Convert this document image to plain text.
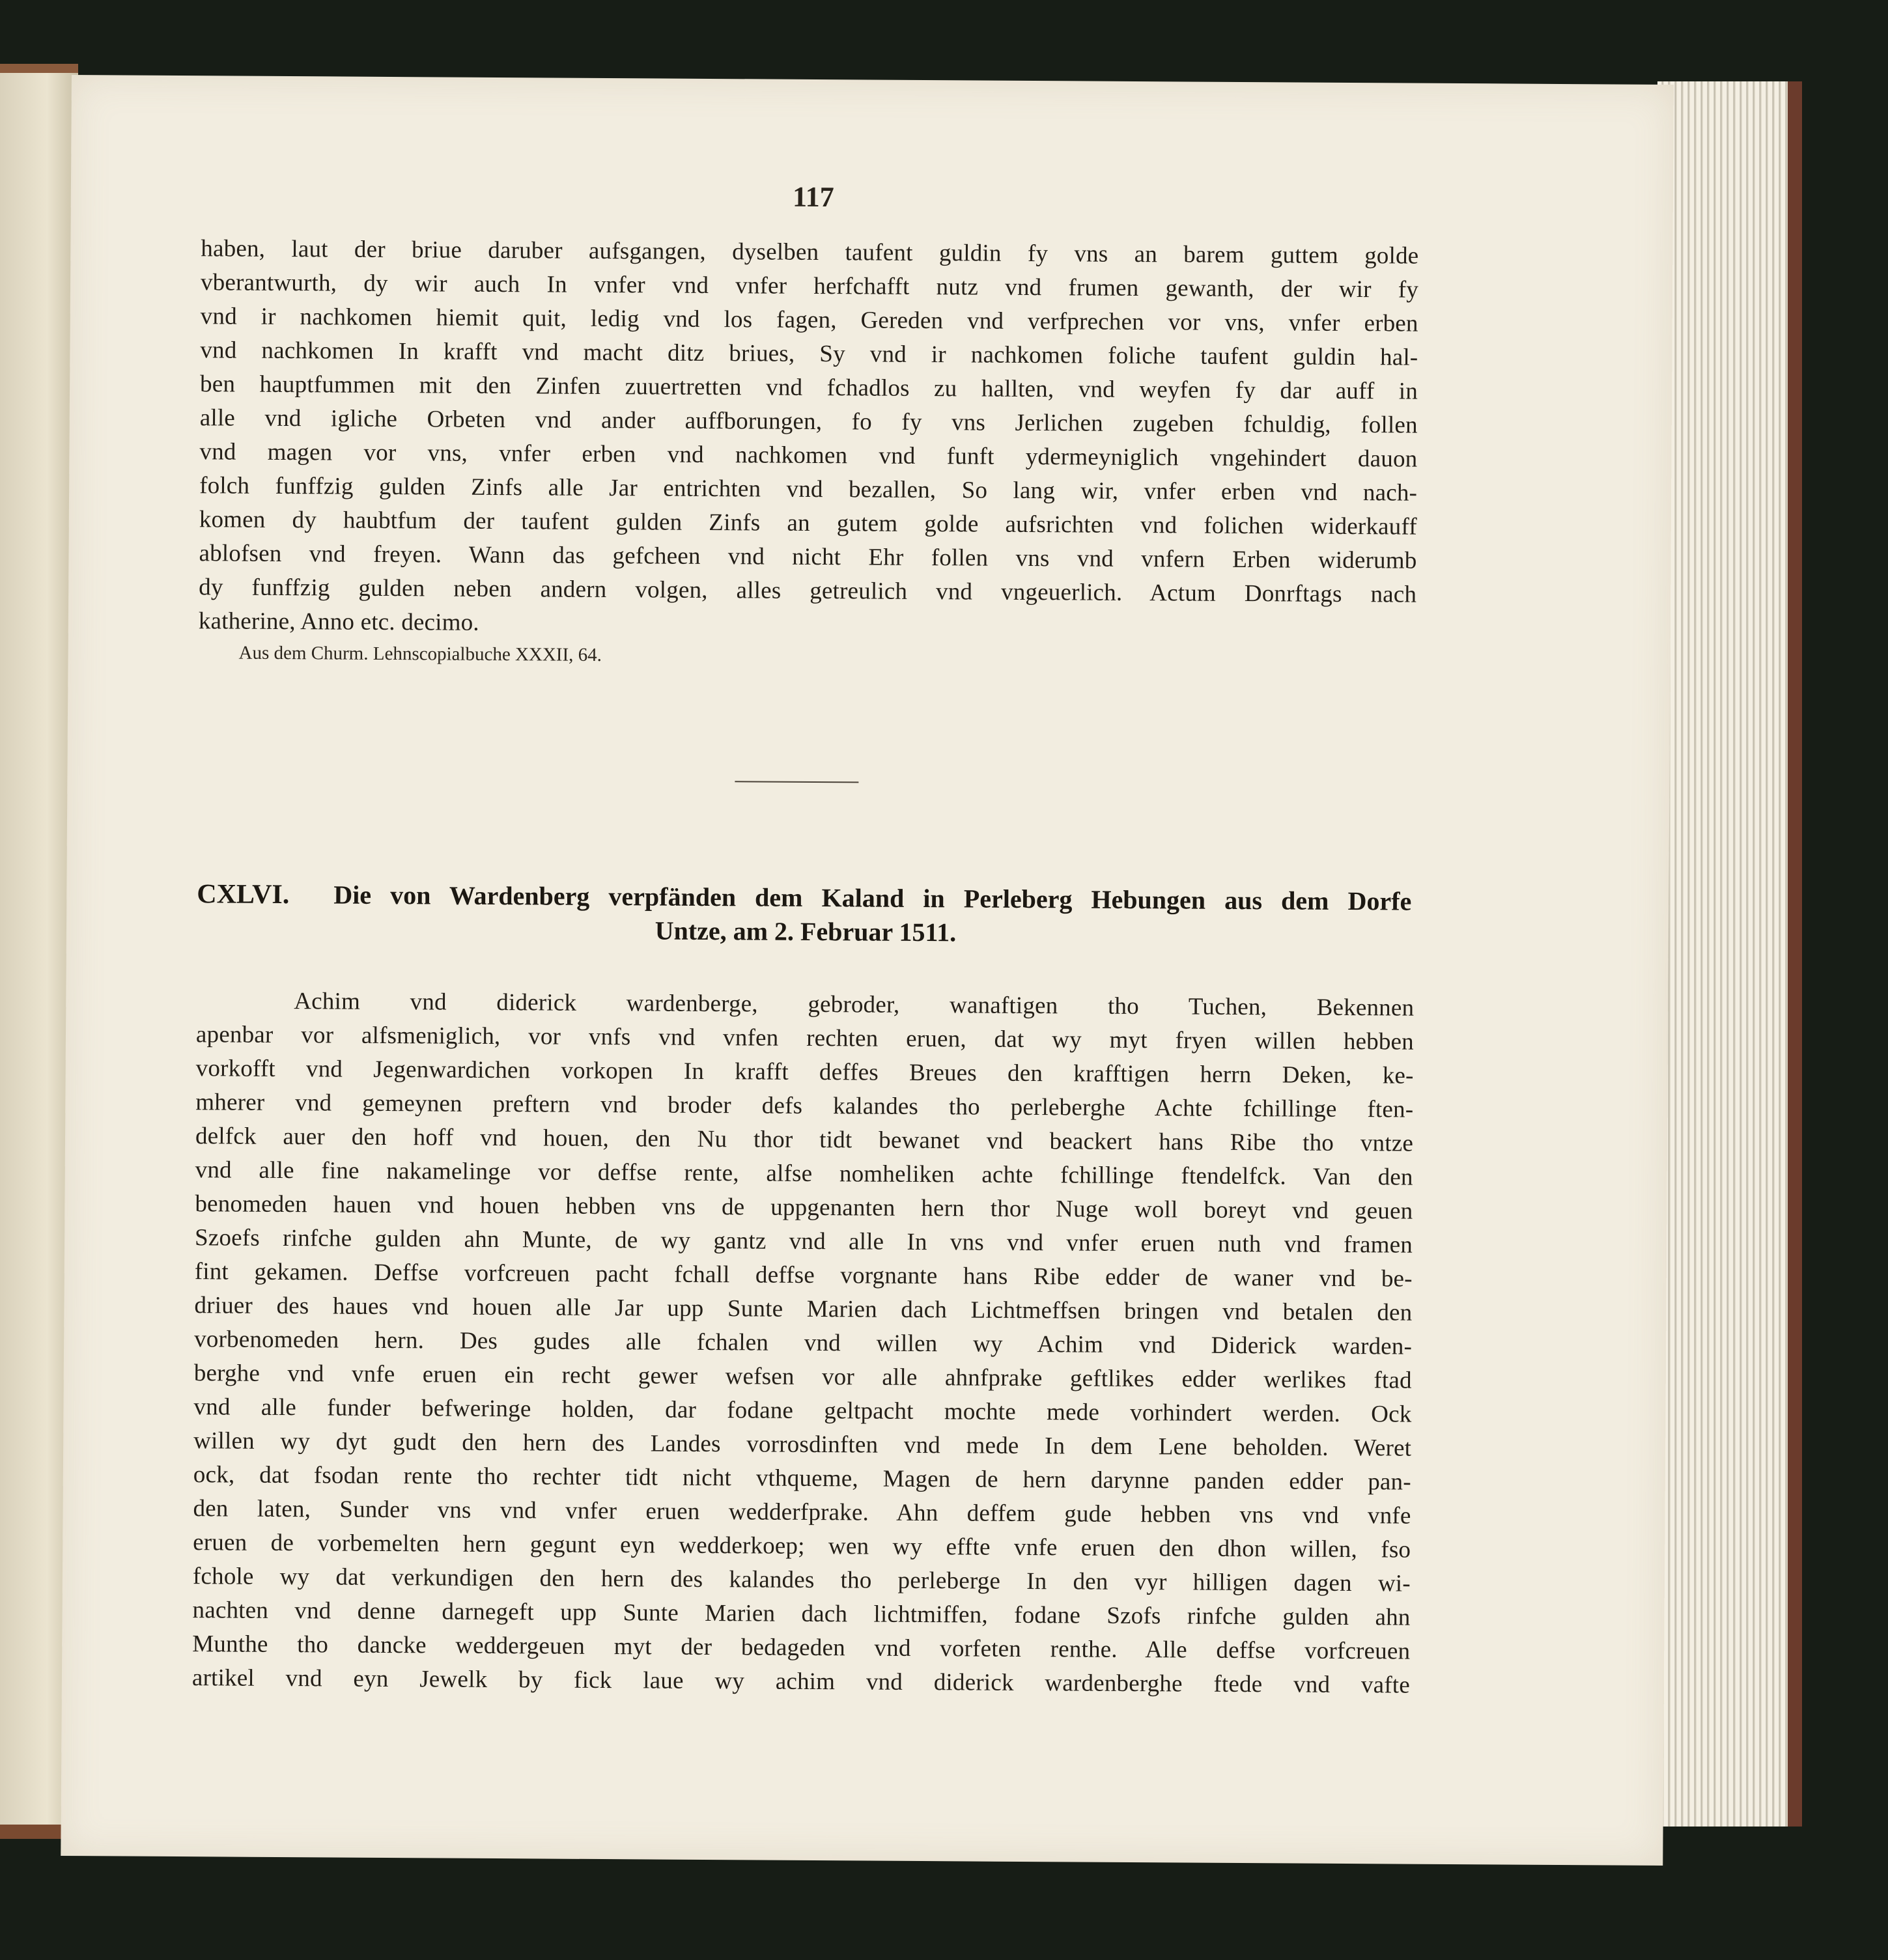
117
haben, laut der briue daruber aufsgangen, dyselben taufent guldin fy vns an barem guttem golde
vberantwurth, dy wir auch In vnfer vnd vnfer herfchafft nutz vnd frumen gewanth, der wir fy
vnd ir nachkomen hiemit quit, ledig vnd los fagen, Gereden vnd verfprechen vor vns, vnfer erben
vnd nachkomen In krafft vnd macht ditz briues, Sy vnd ir nachkomen foliche taufent guldin hal-
ben hauptfummen mit den Zinfen zuuertretten vnd fchadlos zu hallten, vnd weyfen fy dar auff in
alle vnd igliche Orbeten vnd ander auffborungen, fo fy vns Jerlichen zugeben fchuldig, follen
vnd magen vor vns, vnfer erben vnd nachkomen vnd funft ydermeyniglich vngehindert dauon
folch funffzig gulden Zinfs alle Jar entrichten vnd bezallen, So lang wir, vnfer erben vnd nach-
komen dy haubtfum der taufent gulden Zinfs an gutem golde aufsrichten vnd folichen widerkauff
ablofsen vnd freyen. Wann das gefcheen vnd nicht Ehr follen vns vnd vnfern Erben widerumb
dy funffzig gulden neben andern volgen, alles getreulich vnd vngeuerlich. Actum Donrftags nach
katherine, Anno etc. decimo.
Aus dem Churm. Lehnscopialbuche XXXII, 64.
CXLVI. Die von Wardenberg verpfänden dem Kaland in Perleberg Hebungen aus dem Dorfe
Untze, am 2. Februar 1511.
Achim vnd diderick wardenberge, gebroder, wanaftigen tho Tuchen, Bekennen
apenbar vor alfsmeniglich, vor vnfs vnd vnfen rechten eruen, dat wy myt fryen willen hebben
vorkofft vnd Jegenwardichen vorkopen In krafft deffes Breues den krafftigen herrn Deken, ke-
mherer vnd gemeynen preftern vnd broder defs kalandes tho perleberghe Achte fchillinge ften-
delfck auer den hoff vnd houen, den Nu thor tidt bewanet vnd beackert hans Ribe tho vntze
vnd alle fine nakamelinge vor deffse rente, alfse nomheliken achte fchillinge ftendelfck. Van den
benomeden hauen vnd houen hebben vns de uppgenanten hern thor Nuge woll boreyt vnd geuen
Szoefs rinfche gulden ahn Munte, de wy gantz vnd alle In vns vnd vnfer eruen nuth vnd framen
fint gekamen. Deffse vorfcreuen pacht fchall deffse vorgnante hans Ribe edder de waner vnd be-
driuer des haues vnd houen alle Jar upp Sunte Marien dach Lichtmeffsen bringen vnd betalen den
vorbenomeden hern. Des gudes alle fchalen vnd willen wy Achim vnd Diderick warden-
berghe vnd vnfe eruen ein recht gewer wefsen vor alle ahnfprake geftlikes edder werlikes ftad
vnd alle funder befweringe holden, dar fodane geltpacht mochte mede vorhindert werden. Ock
willen wy dyt gudt den hern des Landes vorrosdinften vnd mede In dem Lene beholden. Weret
ock, dat fsodan rente tho rechter tidt nicht vthqueme, Magen de hern darynne panden edder pan-
den laten, Sunder vns vnd vnfer eruen wedderfprake. Ahn deffem gude hebben vns vnd vnfe
eruen de vorbemelten hern gegunt eyn wedderkoep; wen wy effte vnfe eruen den dhon willen, fso
fchole wy dat verkundigen den hern des kalandes tho perleberge In den vyr hilligen dagen wi-
nachten vnd denne darnegeft upp Sunte Marien dach lichtmiffen, fodane Szofs rinfche gulden ahn
Munthe tho dancke weddergeuen myt der bedageden vnd vorfeten renthe. Alle deffse vorfcreuen
artikel vnd eyn Jewelk by fick laue wy achim vnd diderick wardenberghe ftede vnd vafte
